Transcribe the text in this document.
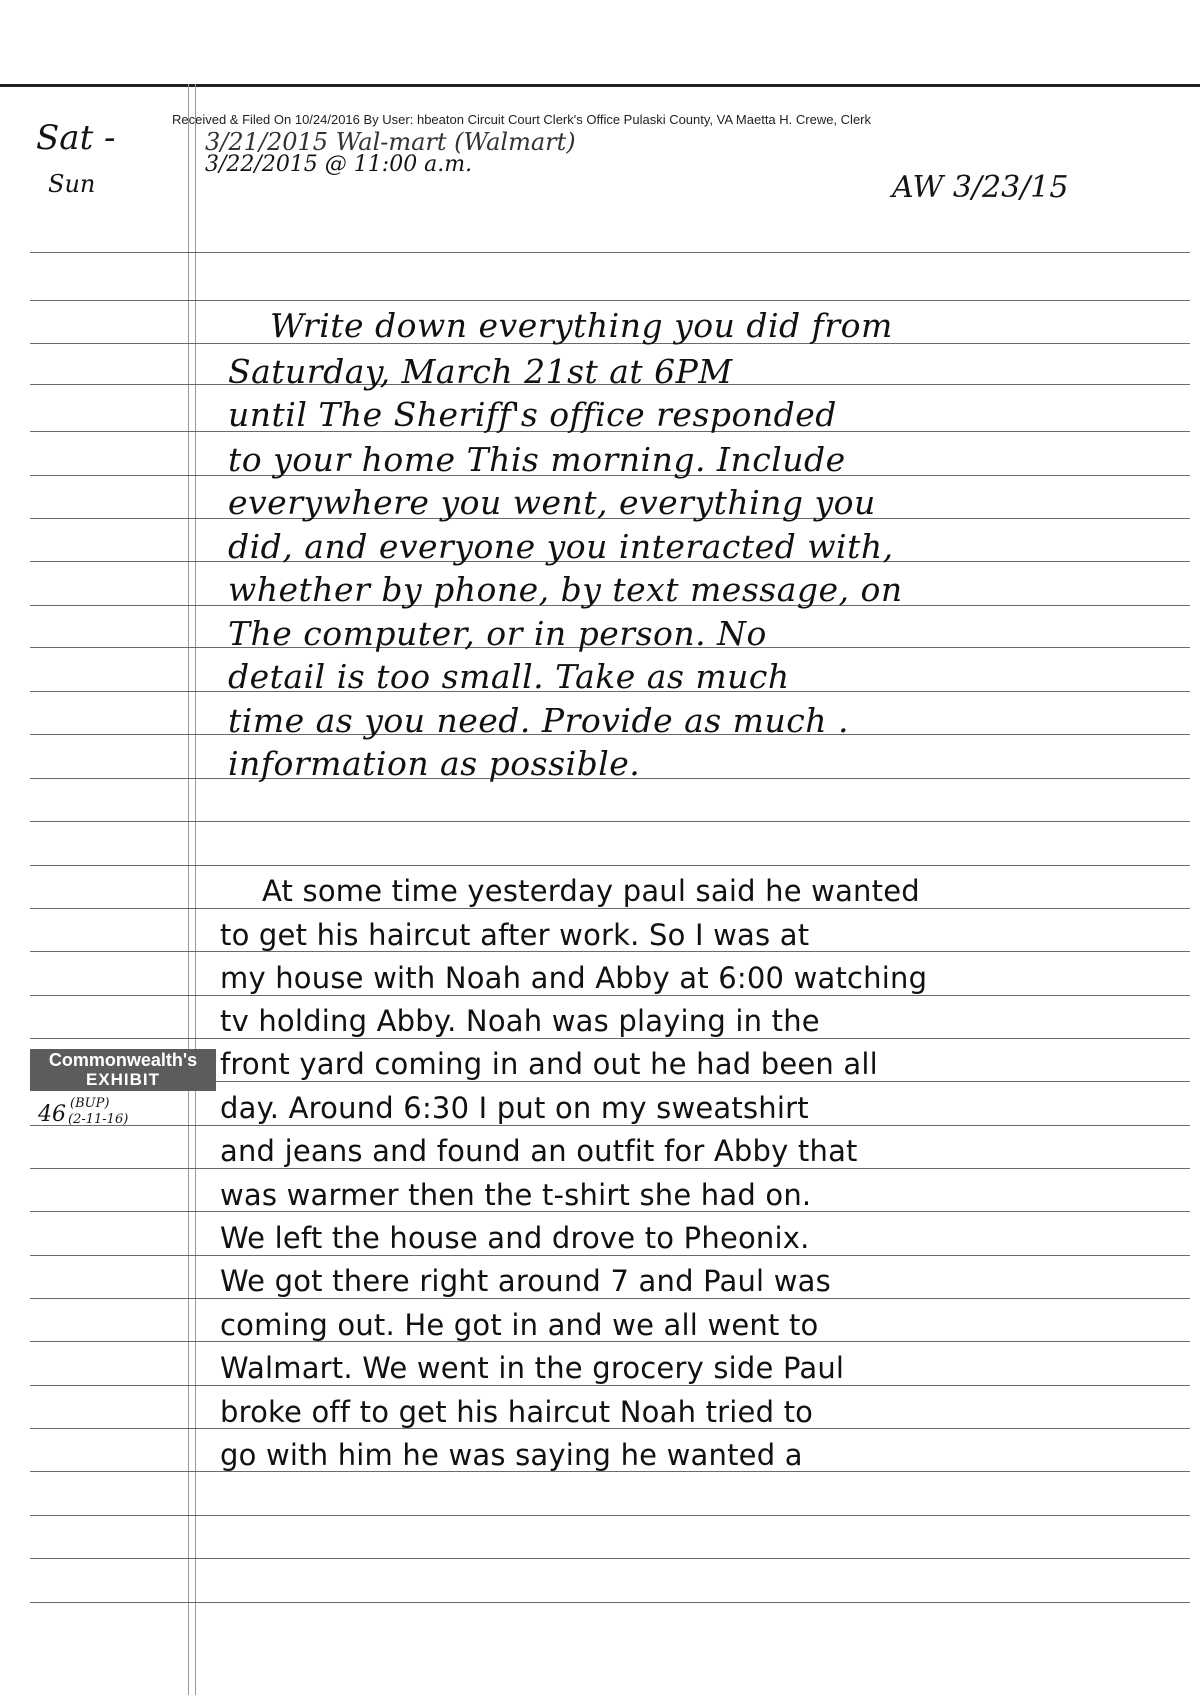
Sat -
Sun
3/21/2015 Wal-mart (Walmart)
3/22/2015 @ 11:00 a.m.
AW 3/23/15
Received & Filed On 10/24/2016 By User: hbeaton Circuit Court Clerk's Office Pulaski County, VA Maetta H. Crewe, Clerk
Write down everything you did from
Saturday, March 21st at 6PM
until The Sheriff's office responded
to your home This morning. Include
everywhere you went, everything you
did, and everyone you interacted with,
whether by phone, by text message, on
The computer, or in person. No
detail is too small. Take as much
time as you need. Provide as much .
information as possible.
At some time yesterday paul said he wanted
to get his haircut after work. So I was at
my house with Noah and Abby at 6:00 watching
tv holding Abby. Noah was playing in the
front yard coming in and out he had been all
day. Around 6:30 I put on my sweatshirt
and jeans and found an outfit for Abby that
was warmer then the t-shirt she had on.
We left the house and drove to Pheonix.
We got there right around 7 and Paul was
coming out. He got in and we all went to
Walmart. We went in the grocery side Paul
broke off to get his haircut Noah tried to
go with him he was saying he wanted a
Commonwealth's
EXHIBIT
46 (BUP)
(2-11-16)
